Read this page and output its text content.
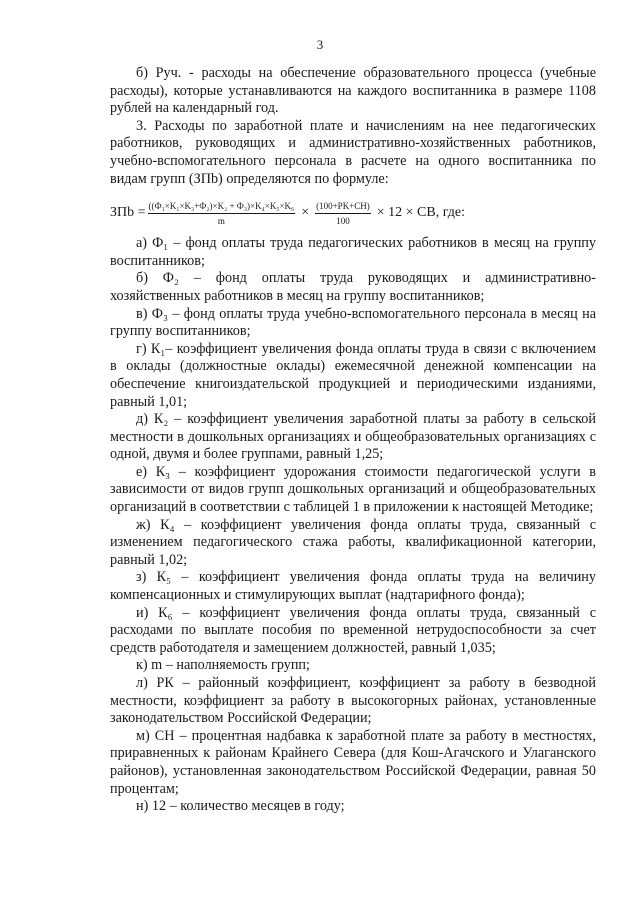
3

б) Руч. - расходы на обеспечение образовательного процесса (учебные расходы), которые устанавливаются на каждого воспитанника в размере 1108 рублей на календарный год.

3. Расходы по заработной плате и начислениям на нее педагогических работников, руководящих и административно-хозяйственных работников, учебно-вспомогательного персонала в расчете на одного воспитанника по видам групп (ЗПb) определяются по формуле:

ЗПb = $\frac{\text{((Ф₁×K₁×K₃+Ф₂)×K₂ + Ф₃)×K₄×K₅×K₆}}{m} \times \frac{(100+PK+CH)}{100} \times 12$ × CB, где:

а) Ф₁ – фонд оплаты труда педагогических работников в месяц на группу воспитанников;

б) Ф₂ – фонд оплаты труда руководящих и административно-хозяйственных работников в месяц на группу воспитанников;

в) Ф₃ – фонд оплаты труда учебно-вспомогательного персонала в месяц на группу воспитанников;

г) К₁– коэффициент увеличения фонда оплаты труда в связи с включением в оклады (должностные оклады) ежемесячной денежной компенсации на обеспечение книгоиздательской продукцией и периодическими изданиями, равный 1,01;

д) К₂ – коэффициент увеличения заработной платы за работу в сельской местности в дошкольных организациях и общеобразовательных организациях с одной, двумя и более группами, равный 1,25;

е) К₃ – коэффициент удорожания стоимости педагогической услуги в зависимости от видов групп дошкольных организаций и общеобразовательных организаций в соответствии с таблицей 1 в приложении к настоящей Методике;

ж) К₄ – коэффициент увеличения фонда оплаты труда, связанный с изменением педагогического стажа работы, квалификационной категории, равный 1,02;

з) К₅ – коэффициент увеличения фонда оплаты труда на величину компенсационных и стимулирующих выплат (надтарифного фонда);

и) К₆ – коэффициент увеличения фонда оплаты труда, связанный с расходами по выплате пособия по временной нетрудоспособности за счет средств работодателя и замещением должностей, равный 1,035;

к) m – наполняемость групп;

л) РК – районный коэффициент, коэффициент за работу в безводной местности, коэффициент за работу в высокогорных районах, установленные законодательством Российской Федерации;

м) СН – процентная надбавка к заработной плате за работу в местностях, приравненных к районам Крайнего Севера (для Кош-Агачского и Улаганского районов), установленная законодательством Российской Федерации, равная 50 процентам;

н) 12 – количество месяцев в году;
